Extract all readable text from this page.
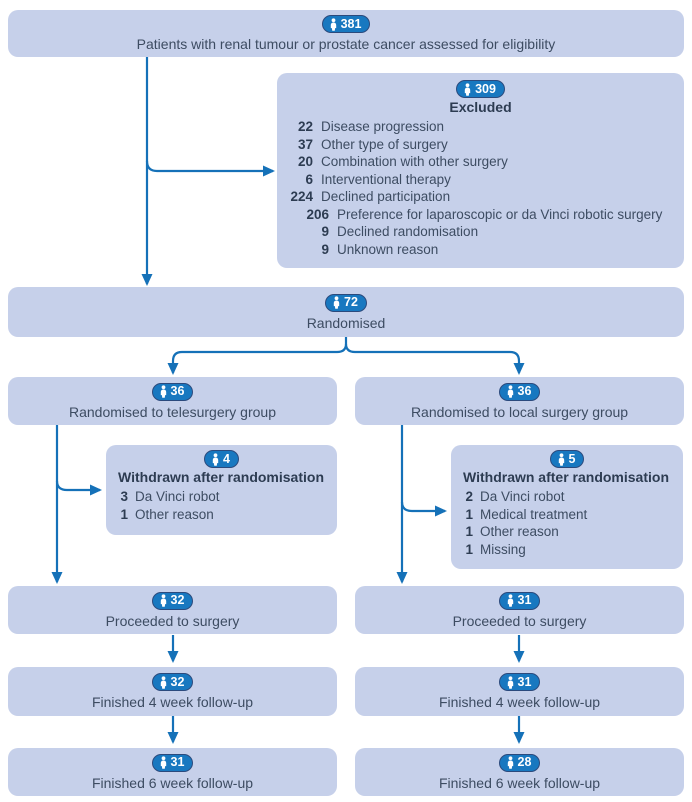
381
Patients with renal tumour or prostate cancer assessed for eligibility
309
Excluded
22 Disease progression
37 Other type of surgery
20 Combination with other surgery
6 Interventional therapy
224 Declined participation
206 Preference for laparoscopic or da Vinci robotic surgery
9 Declined randomisation
9 Unknown reason
72
Randomised
36
Randomised to telesurgery group
36
Randomised to local surgery group
4
Withdrawn after randomisation
3 Da Vinci robot
1 Other reason
5
Withdrawn after randomisation
2 Da Vinci robot
1 Medical treatment
1 Other reason
1 Missing
32
Proceeded to surgery
31
Proceeded to surgery
32
Finished 4 week follow-up
31
Finished 4 week follow-up
31
Finished 6 week follow-up
28
Finished 6 week follow-up
